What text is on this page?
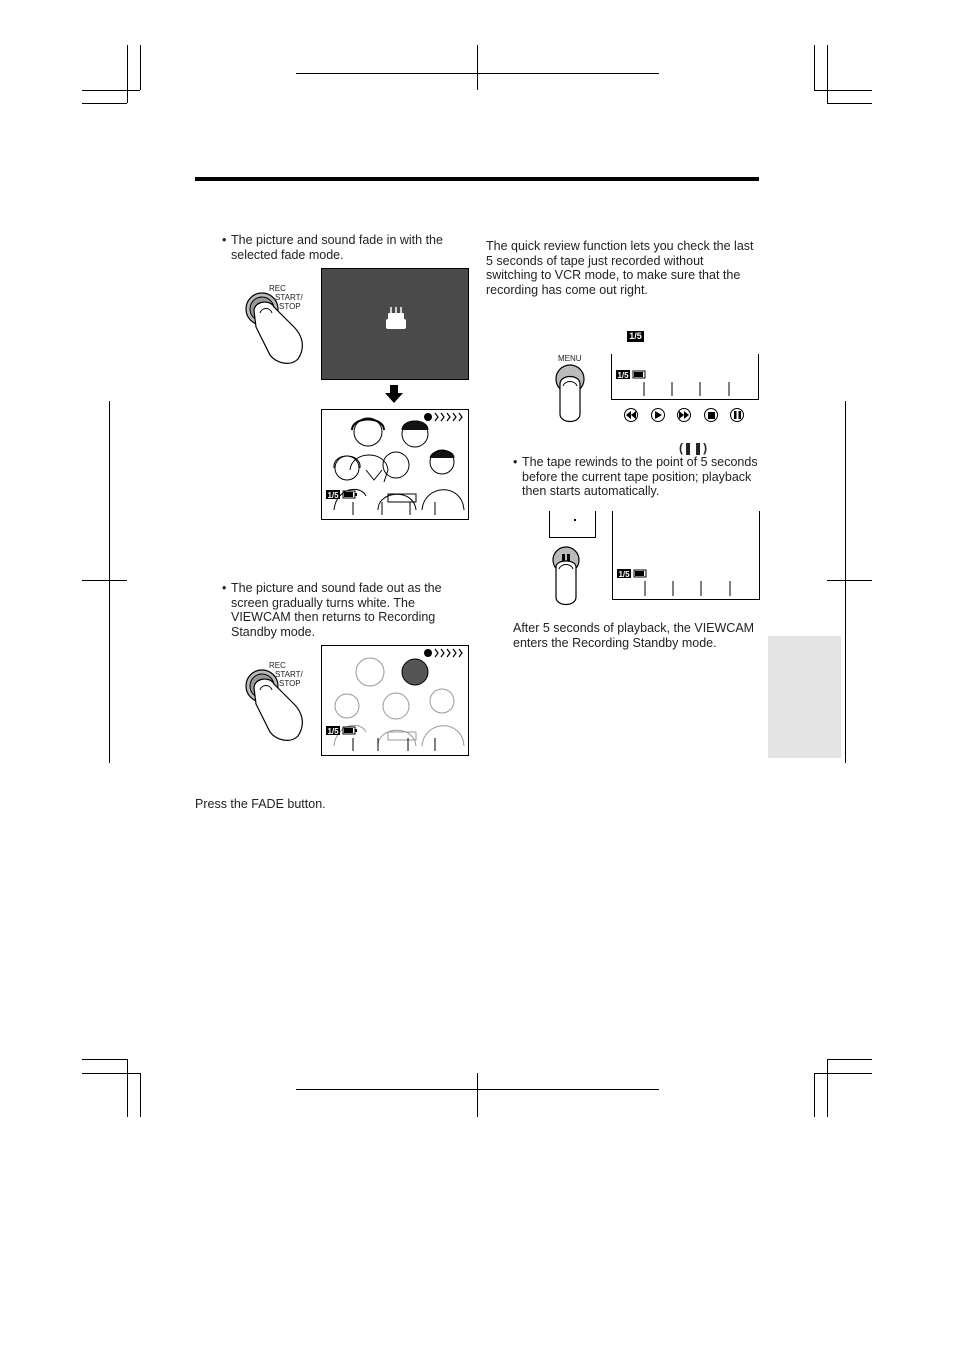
• The picture and sound fade in with the selected fade mode.
REC
START/
STOP
1/5
• The picture and sound fade out as the screen gradually turns white. The VIEWCAM then returns to Recording Standby mode.
REC
START/
STOP
1/5
Press the FADE button.
The quick review function lets you check the last 5 seconds of tape just recorded without switching to VCR mode, to make sure that the recording has come out right.
1/5
MENU
1/5
(❚❚)
• The tape rewinds to the point of 5 seconds before the current tape position; playback then starts automatically.
1/5
After 5 seconds of playback, the VIEWCAM enters the Recording Standby mode.
